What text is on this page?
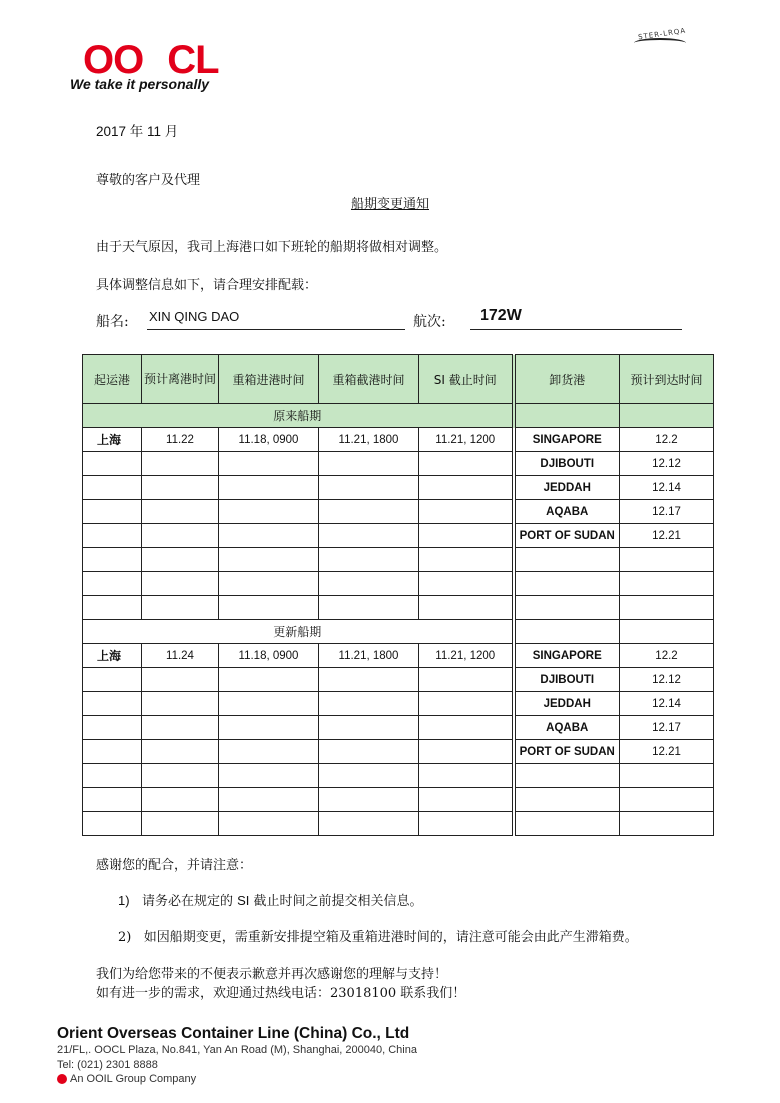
OO CL
We take it personally
STER-LRQA
2017 年 11 月
尊敬的客户及代理
船期变更通知
由于天气原因，我司上海港口如下班轮的船期将做相对调整。
具体调整信息如下，请合理安排配载：
船名: XIN QING DAO	航次:	172W
起运港	预计离港时间	重箱进港时间	重箱截港时间	SI 截止时间	卸货港	预计到达时间
原来船期						
上海	11.22	11.18, 0900	11.21, 1800	11.21, 1200	SINGAPORE	12.2
					DJIBOUTI	12.12
					JEDDAH	12.14
					AQABA	12.17
					PORT OF SUDAN	12.21

更新船期						
上海	11.24	11.18, 0900	11.21, 1800	11.21, 1200	SINGAPORE	12.2
					DJIBOUTI	12.12
					JEDDAH	12.14
					AQABA	12.17
					PORT OF SUDAN	12.21

感谢您的配合，并请注意：
1) 请务必在规定的 SI 截止时间之前提交相关信息。
2) 如因船期变更，需重新安排提空箱及重箱进港时间的，请注意可能会由此产生滞箱费。
我们为给您带来的不便表示歉意并再次感谢您的理解与支持！
如有进一步的需求，欢迎通过热线电话：23018100 联系我们！
Orient Overseas Container Line (China) Co., Ltd
21/FL,. OOCL Plaza, No.841, Yan An Road (M), Shanghai, 200040, China
Tel: (021) 2301 8888
An OOIL Group Company
